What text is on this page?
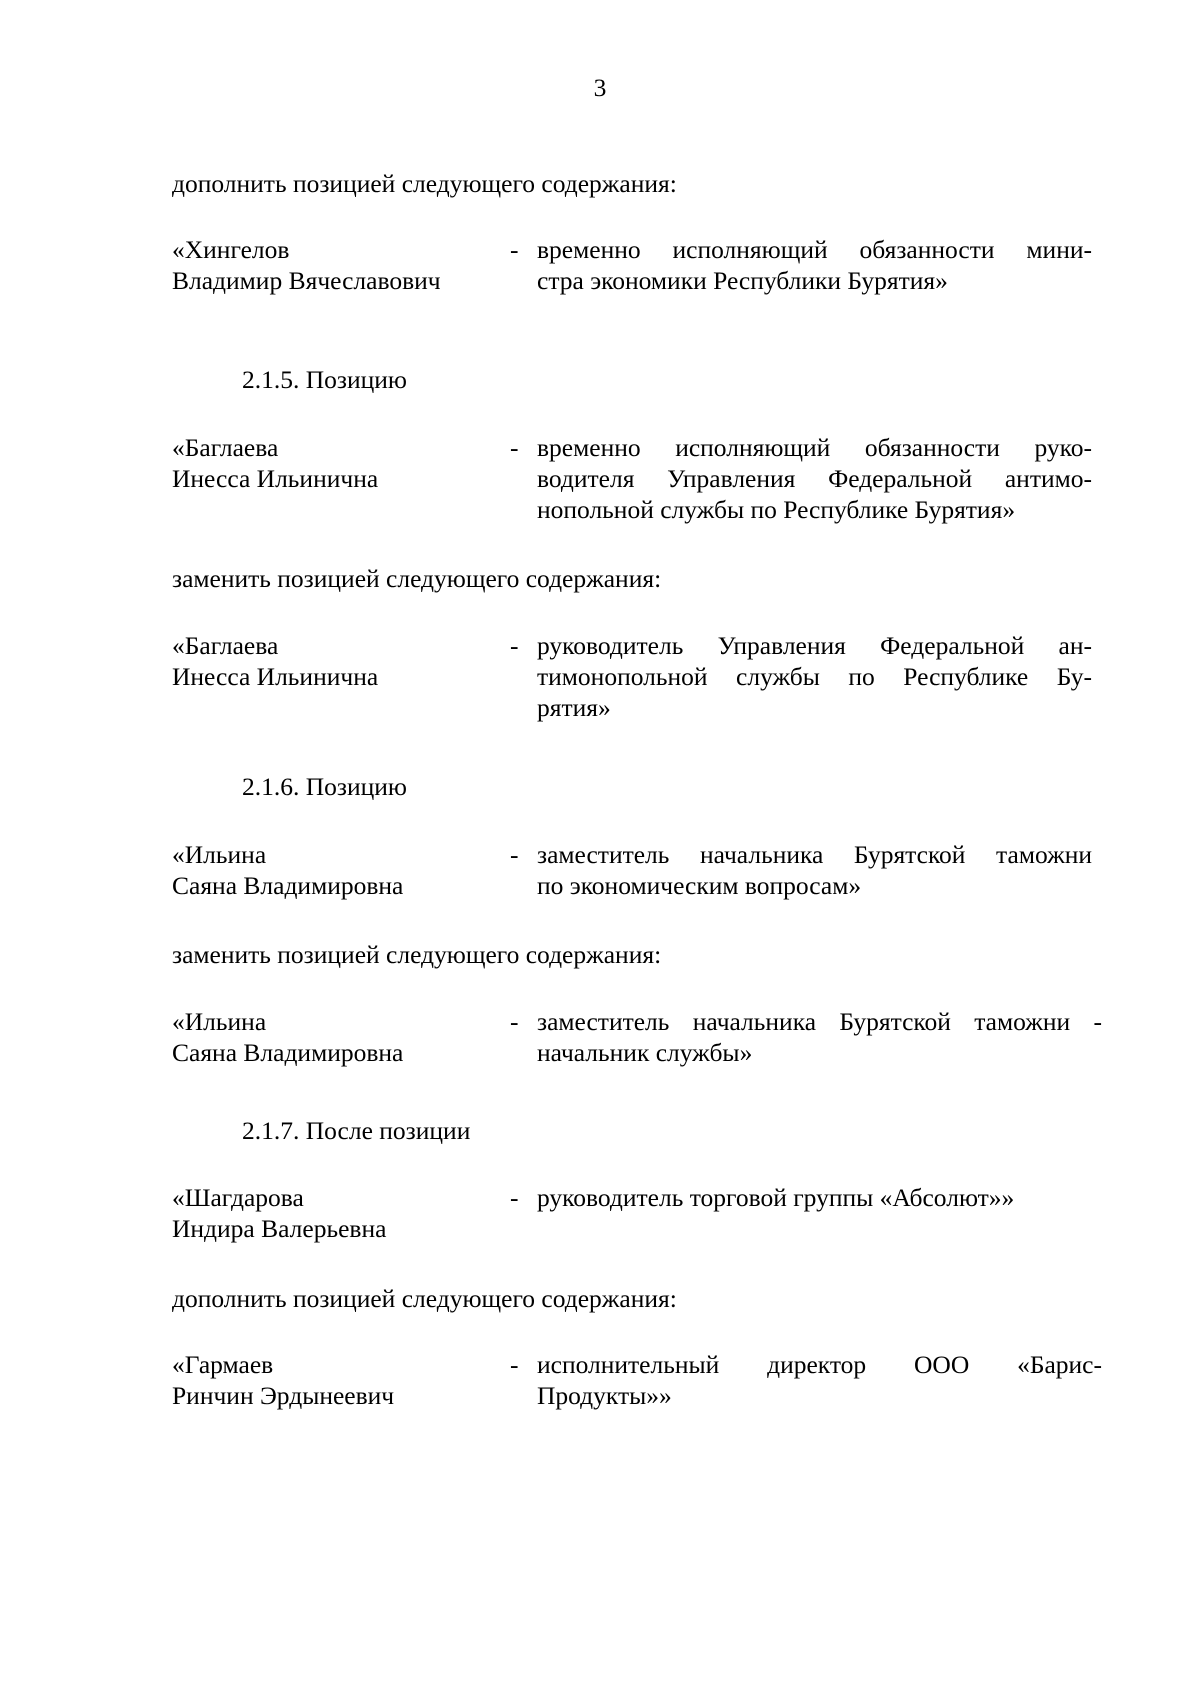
3
дополнить позицией следующего содержания:
«Хингелов
Владимир Вячеславович
- временно исполняющий обязанности мини-
стра экономики Республики Бурятия»
2.1.5. Позицию
«Баглаева
Инесса Ильинична
- временно исполняющий обязанности руко-
водителя Управления Федеральной антимо-
нопольной службы по Республике Бурятия»
заменить позицией следующего содержания:
«Баглаева
Инесса Ильинична
- руководитель Управления Федеральной ан-
тимонопольной службы по Республике Бу-
рятия»
2.1.6. Позицию
«Ильина
Саяна Владимировна
- заместитель начальника Бурятской таможни
по экономическим вопросам»
заменить позицией следующего содержания:
«Ильина
Саяна Владимировна
- заместитель начальника Бурятской таможни -
начальник службы»
2.1.7. После позиции
«Шагдарова
Индира Валерьевна
- руководитель торговой группы «Абсолют»»
дополнить позицией следующего содержания:
«Гармаев
Ринчин Эрдынеевич
- исполнительный директор ООО «Барис-
Продукты»»
